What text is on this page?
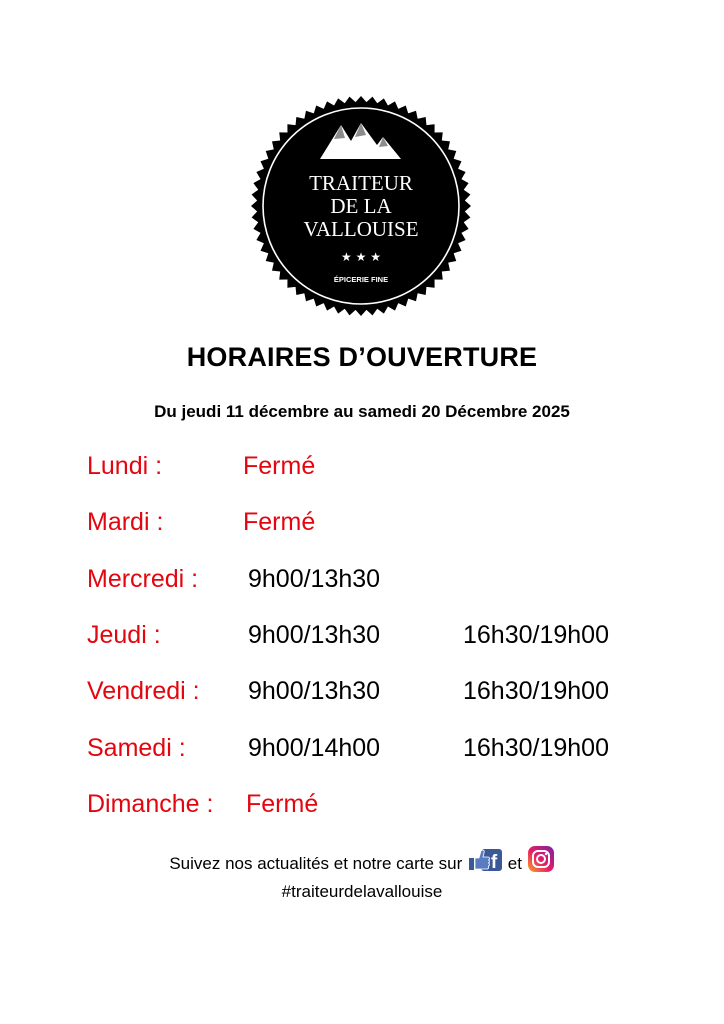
TRAITEUR
DE LA
VALLOUISE
★ ★ ★
ÉPICERIE FINE
HORAIRES D’OUVERTURE
Du jeudi 11 décembre au samedi 20 Décembre 2025
Lundi :	Fermé
Mardi :	Fermé
Mercredi : 9h00/13h30
Jeudi :	9h00/13h30	16h30/19h00
Vendredi : 9h00/13h30	16h30/19h00
Samedi : 9h00/14h00	16h30/19h00
Dimanche : Fermé
Suivez nos actualités et notre carte sur f et
#traiteurdelavallouise
